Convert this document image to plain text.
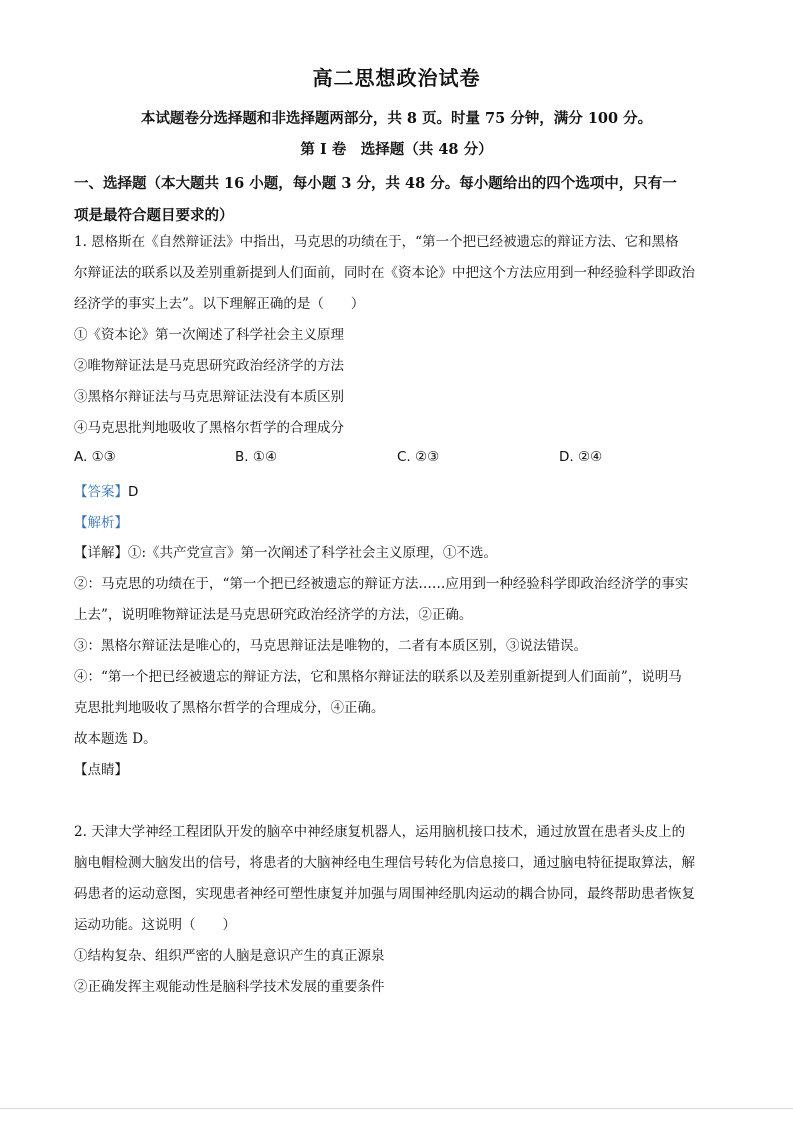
高二思想政治试卷
本试题卷分选择题和非选择题两部分，共 8 页。时量 75 分钟，满分 100 分。
第 I 卷　选择题（共 48 分）
一、选择题（本大题共 16 小题，每小题 3 分，共 48 分。每小题给出的四个选项中，只有一
项是最符合题目要求的）
1. 恩格斯在《自然辩证法》中指出，马克思的功绩在于，“第一个把已经被遗忘的辩证方法、它和黑格
尔辩证法的联系以及差别重新提到人们面前，同时在《资本论》中把这个方法应用到一种经验科学即政治
经济学的事实上去”。以下理解正确的是（　　）
①《资本论》第一次阐述了科学社会主义原理
②唯物辩证法是马克思研究政治经济学的方法
③黑格尔辩证法与马克思辩证法没有本质区别
④马克思批判地吸收了黑格尔哲学的合理成分
A. ①③	B. ①④	C. ②③	D. ②④
【答案】D
【解析】
【详解】①:《共产党宣言》第一次阐述了科学社会主义原理，①不选。
②：马克思的功绩在于，“第一个把已经被遗忘的辩证方法……应用到一种经验科学即政治经济学的事实
上去”，说明唯物辩证法是马克思研究政治经济学的方法，②正确。
③：黑格尔辩证法是唯心的，马克思辩证法是唯物的，二者有本质区别，③说法错误。
④：“第一个把已经被遗忘的辩证方法，它和黑格尔辩证法的联系以及差别重新提到人们面前”，说明马
克思批判地吸收了黑格尔哲学的合理成分，④正确。
故本题选 D。
【点睛】
2. 天津大学神经工程团队开发的脑卒中神经康复机器人，运用脑机接口技术，通过放置在患者头皮上的
脑电帽检测大脑发出的信号，将患者的大脑神经电生理信号转化为信息接口，通过脑电特征提取算法，解
码患者的运动意图，实现患者神经可塑性康复并加强与周围神经肌肉运动的耦合协同，最终帮助患者恢复
运动功能。这说明（　　）
①结构复杂、组织严密的人脑是意识产生的真正源泉
②正确发挥主观能动性是脑科学技术发展的重要条件
